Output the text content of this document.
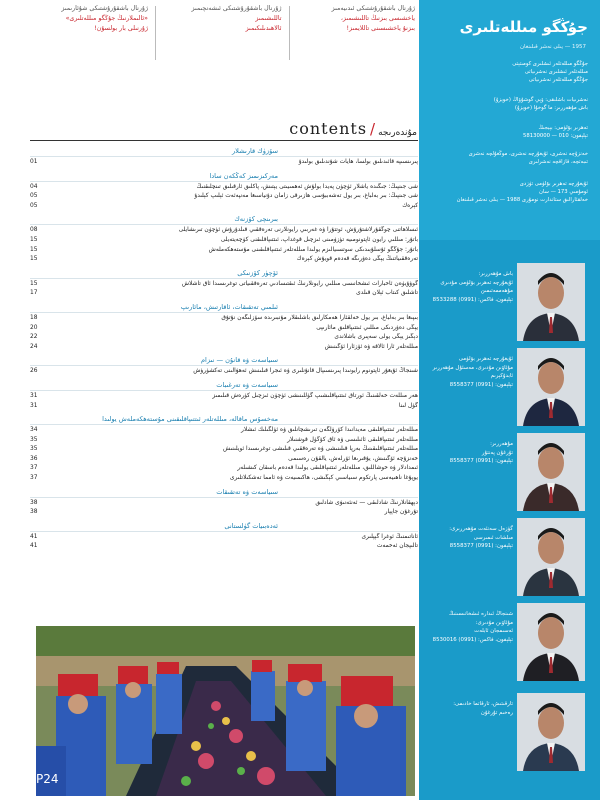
ژۇرنال باشقۇرۇشتىكى شۇئارىمىز
«ئالىملارنىڭ جۇڭگو مىللەتلىرى»
ژۇرنىلى بار بولسۇن!
ژۇرنال باشقۇرۇشتىكى ئىشەنچىمىز
تاللىشىمىز
ئالاھىدىلىكىمىز
ژۇرنال باشقۇرۇشتىكى ئىدىيەمىز
ياخشىسى بىزنىڭ تاللىشىمىز،
بىزنۇ ياخشىسىنى تاللايمىز!
contents / مۇندەرىجە
سۆزۈك قارىشلار
01	پىرىنسىپە قائىدىلىق بولسا، ھايات شۇندىلىق بولىدۇ
مەركىزىمىز كەڭكەن سادا
04	شى جىنپىڭ: جىگىدە ياشلار ئۈچۈن پەيدا بولۇش ئەھمىيىتى يېتىش، پاكلىق ئارقىلىق تىنچلىقنىڭ
05	شى جىنپىڭ: بىر بەلباغ، بىر يول تەشەببۇسى ھازىرقى زامان دۇنياسىغا مەنپەئەت ئېلىپ كېلىدۇ
05	كېرەك
بىرىنچى كۆزنەك
08	ئىسلاھاتنى چوڭقۇرلاشتۇرۇش، ئوتتۇرا ۋە غەربىي رايونلارنى تەرەققىي قىلدۇرۇش ئۈچۈن تىرىشايلى
15	باتۇر: مىللىي رايون ئاپتونومىيە تۈزۈمىنى ئىزچىل قوغداپ، ئىتتىپاقلىقنى كۈچەيتەيلى
15	باتۇر: جۇڭگو ئۇسلۇبىدىكى سوتسىيالىزم يولىدا مىللەتلەر ئىتتىپاقلىقىنى مۇستەھكەملەش
15	تەرەققىياتنىڭ يېڭى دەۋرىگە قەدەم قويۇش كېرەك
ئۆچۈر كۆزنىكى
15	گوۋۇيۈەن ئاخبارات ئىشخانىسى مىللىي رايونلارنىڭ ئىقتىسادىي تەرەققىياتى توغرىسىدا ئاق تاشلاش
17	تاشلىق كىتاب ئېلان قىلدى
ئىلمىي تەتقىقات، ئاقارتىش، مائارىپ
18	بىپىغا بىر بەلباغ، بىر يول خەلقئارا ھەمكارلىق باشلىقلار مۇنبىرىدە سۆزلىگەن نۇتۇق
20	يېڭى دەۋردىكى مىللىي ئىتتىپاقلىق مائارىپى
22	دېڭىز يېڭى يولى سەپىرى باشلاندى
24	مىللەتلەر ئارا ئالاقە ۋە ئۆزئارا ئۆگىنىش
سىياسەت ۋە قانۇن — نىزام
26	شىنجاڭ ئۇيغۇر ئاپتونوم رايونىدا پىرىنسىپال قانۇنلىرى ۋە ئىجرا قىلىنىش ئەھۋالىنى تەكشۈرۈش
سىياسەت ۋە تەرغىبات
31	ھەر مىللەت خەلقىنىڭ ئورتاق ئىتتىپاقلىشىپ گۈللىنىشى ئۈچۈن ئىزچىل كۈرەش قىلىمىز
31	گۈل لىنا
مەخسۇس ماقالە، مىللەتلەر ئىتتىپاقلىقىنى مۇستەھكەملەش يولىدا
34	مىللەتلەر ئىتتىپاقلىقى مەيدانىدا كۆرۈلگەن تىرىشچانلىق ۋە ئۈلگىلىك ئىشلار
35	مىللەتلەر ئىتتىپاقلىقى ئائىلىسى ۋە ئاق كۆڭۈل قوشنىلار
35	مىللەتلەر ئىتتىپاقلىقىنىڭ بەرپا قىلىنىشى ۋە تەرەققىي قىلىشى توغرىسىدا ئويلىنىش
36	خەنزۇچە ئۆگىنىش، يۇقىرىغا ئۆرلەش، يالقۇن رەسىمى
37	ئىمدادلار ۋە خوشاللىق، مىللەتلەر ئىتتىپاقلىقى يولىدا قەدەم باسقان كىشىلەر
37	يوپۇغا ناھىيەسى پارتكوم سىياسىي كېڭىشى، ھاكىمىيەت ۋە ئامما تەشكىلاتلىرى
سىياسەت ۋە تەتقىقات
38	دېھقانلارنىڭ شادلىقى — ئەنئەنىۋى شادلىق
38	تۇرغۇن جاپپار
ئەدەبىيات گۈلستانى
41	ئاناتىمنىڭ ئوغرا گېپلىرى
41	تالىپجان ئەخمەت
P24
جۇڭگو مىللەتلىرى
1957 — يىلى نەشر قىلىنغان
جۇڭگو مىللەتلەر ئىشلىرى كومىتېتى
مىللەتلەر ئىشلىرى نەشرىياتى
جۇڭگو مىللەتلەر نەشرىياتى
نەشرىيات باشلىقى: ۋېي گوشۇۋاڭ (خويزۇ)
باش مۇھەررىر: ما گوخۇا (خويزۇ)
تەھرىر بۆلۈمى: بېيجىڭ
تېلېفون: 010 — 58130000
خەنزۇچە نەشرى، ئۇيغۇرچە نەشرى، موڭغۇلچە نەشرى
تىبەتچە، قازاقچە نەشرلىرى
ئۇيغۇرچە تەھرىر بۆلۈمى تۈزدى
ئومۇمىي 173 — سان
خەلقئارالىق ستاندارت نومۇرى 1988 — يىلى نەشر قىلىنغان
باش مۇھەررىر:
ئۇيغۇرچە تەھرىر بۆلۈمى مۇدىرى
مۇھەممەتىمىن
تېلېفون، فاكس: (0991) 8533288
ئۇيغۇرچە تەھرىر بۆلۈمى
مۇئاۋىن مۇدىرى، مەسئۇل مۇھەررىر
ئابدۇكېرىم
تېلېفون: (0991) 8558377
مۇھەررىر:
تۇرغۇن پەنتۇر
تېلېفون: (0991) 8558377
گۈزەل سەنئەت مۇھەررىرى:
مىلشات ئىمىرسى
تېلېفون: (0991) 8558377
شىنجاڭ ئىدارە ئىشخانىسىنىڭ
مۇئاۋىن مۇدىرى:
ئەسىمجان ئابلەت
تېلېفون، فاكس: (0991) 8530016
تارقىتىش، تارقاتما خادىمى:
رەخىم تۇرغۇن
